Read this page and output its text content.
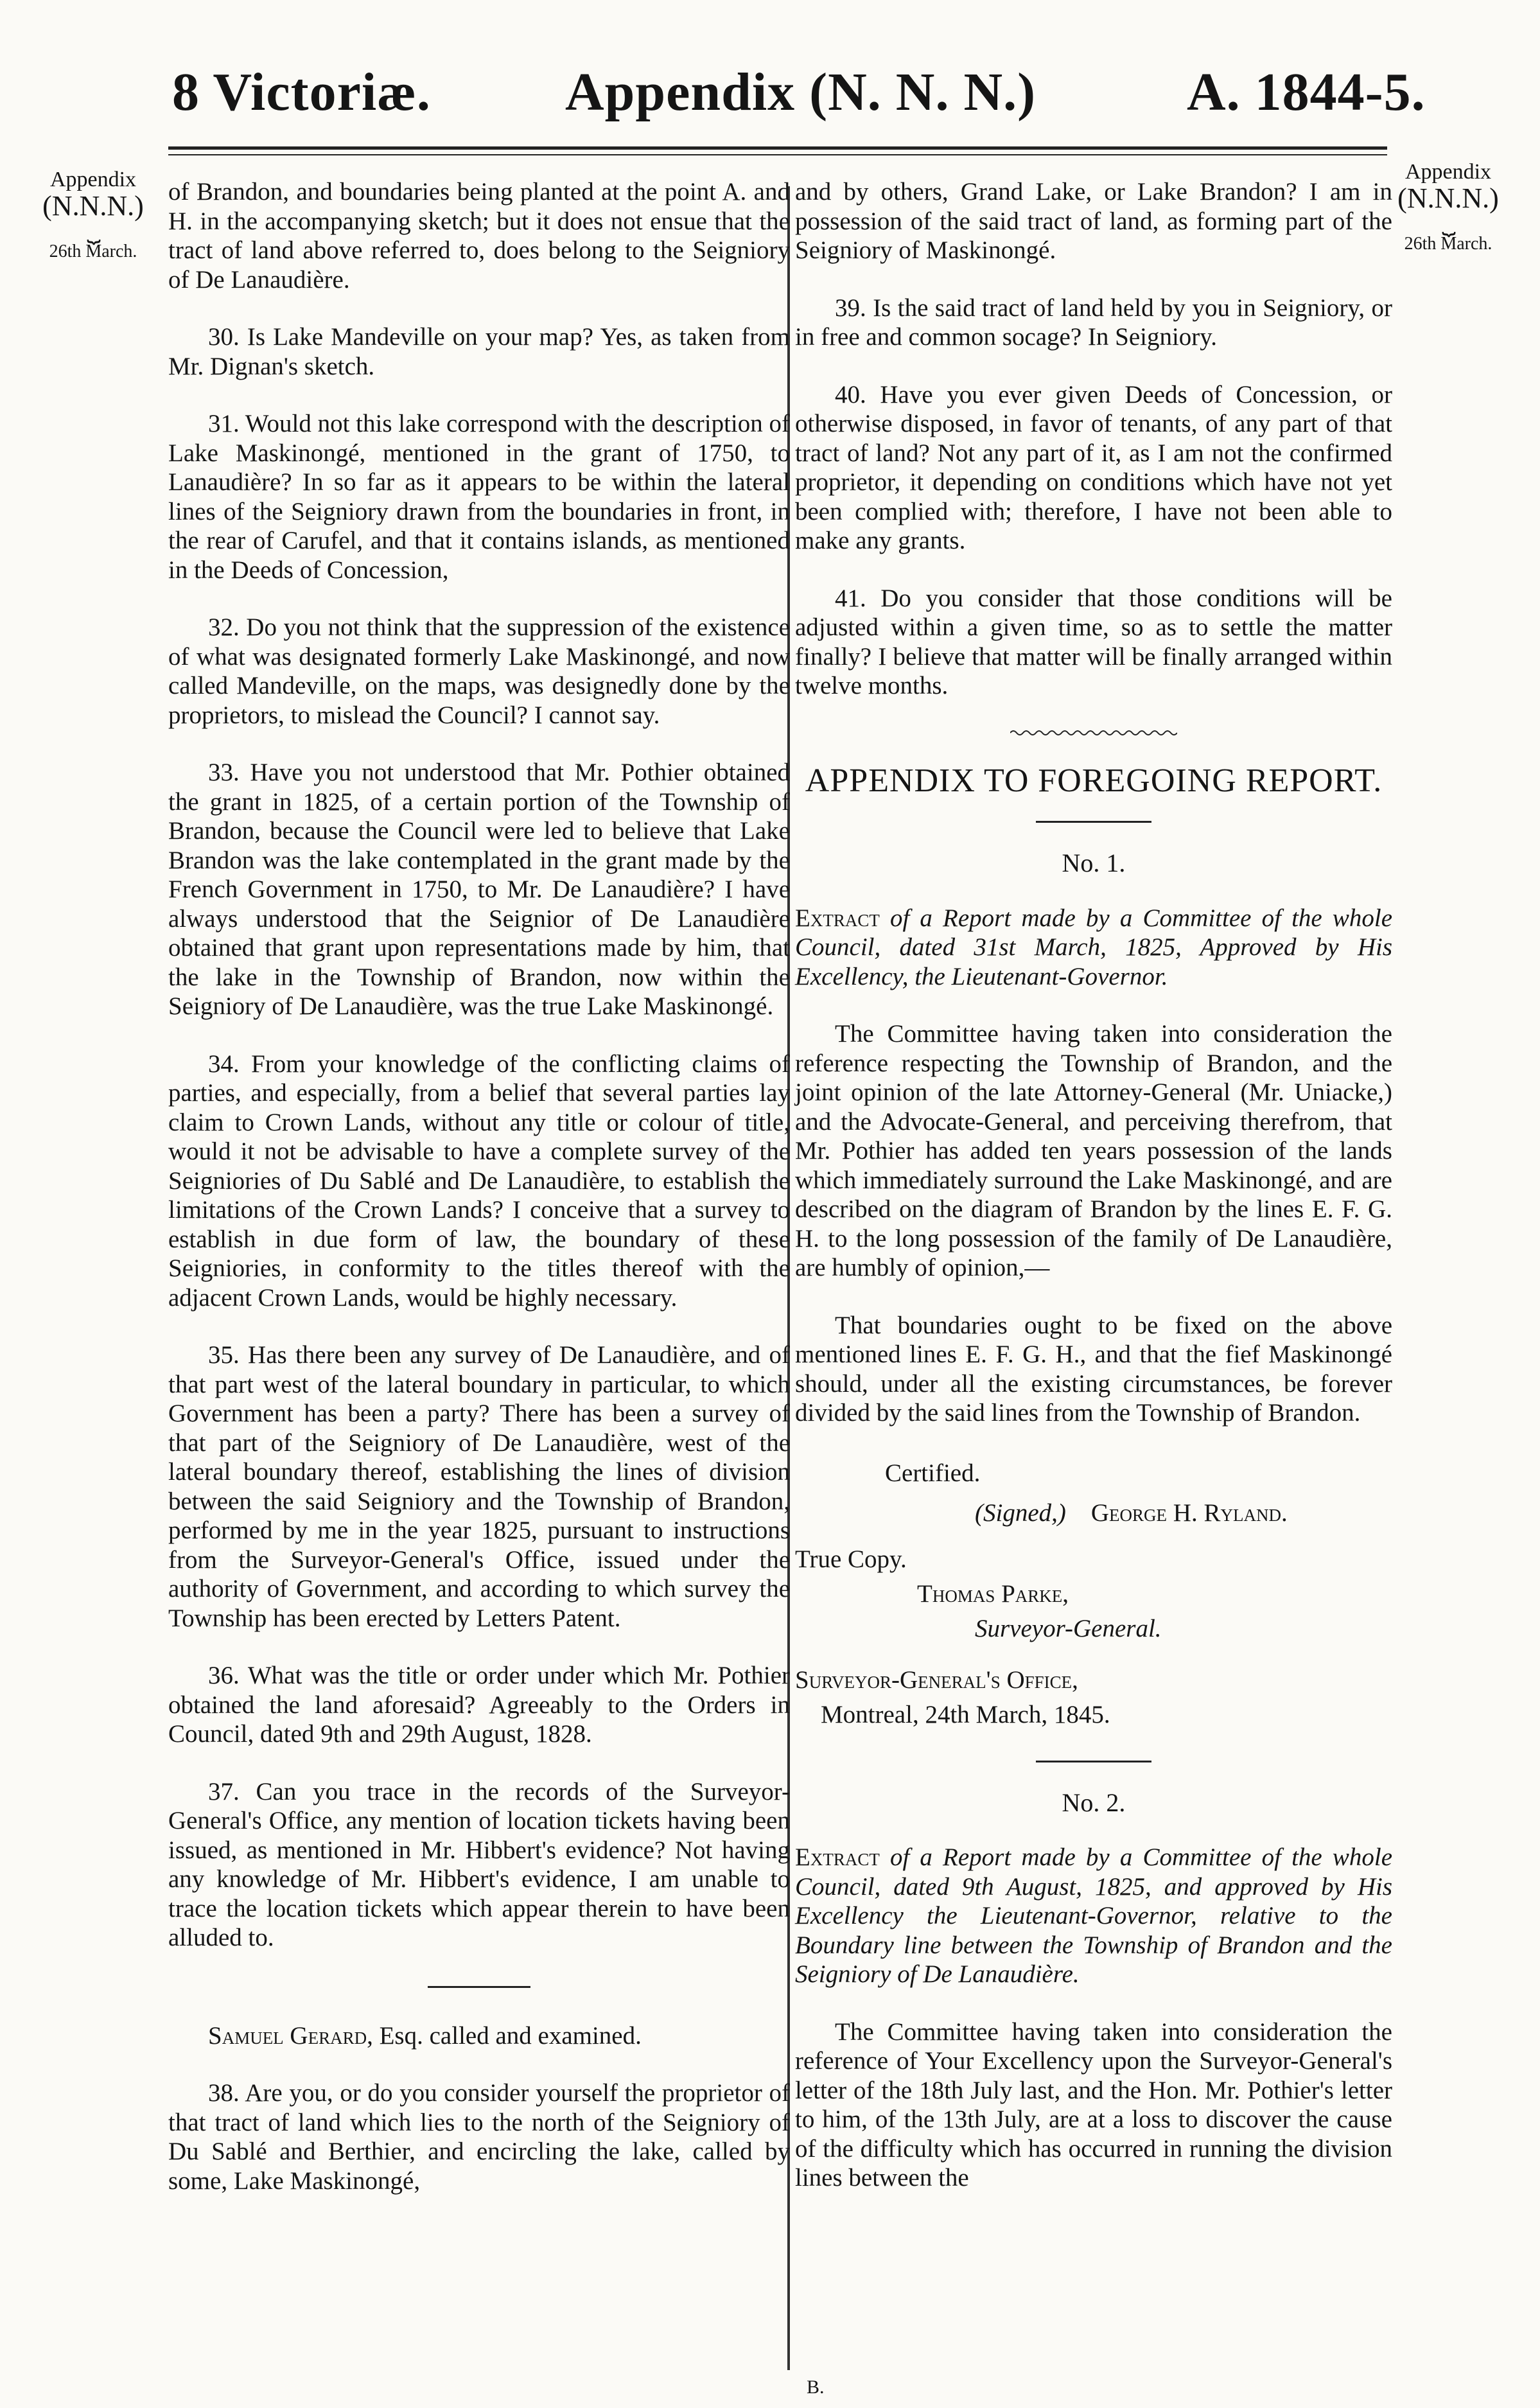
8 Victoriæ. Appendix (N. N. N.)	A. 1844-5.
Appendix
(N.N.N.)
⏟
26th March.
Appendix
(N.N.N.)
⏟
26th March.

of Brandon, and boundaries being planted at the point A. and H. in the accompanying sketch; but it does not ensue that the tract of land above referred to, does belong to the Seigniory of De Lanaudière.

30. Is Lake Mandeville on your map? Yes, as taken from Mr. Dignan's sketch.

31. Would not this lake correspond with the description of Lake Maskinongé, mentioned in the grant of 1750, to Lanaudière? In so far as it appears to be within the lateral lines of the Seigniory drawn from the boundaries in front, in the rear of Carufel, and that it contains islands, as mentioned in the Deeds of Concession,

32. Do you not think that the suppression of the existence of what was designated formerly Lake Maskinongé, and now called Mandeville, on the maps, was designedly done by the proprietors, to mislead the Council? I cannot say.

33. Have you not understood that Mr. Pothier obtained the grant in 1825, of a certain portion of the Township of Brandon, because the Council were led to believe that Lake Brandon was the lake contemplated in the grant made by the French Government in 1750, to Mr. De Lanaudière? I have always understood that the Seignior of De Lanaudière obtained that grant upon representations made by him, that the lake in the Township of Brandon, now within the Seigniory of De Lanaudière, was the true Lake Maskinongé.

34. From your knowledge of the conflicting claims of parties, and especially, from a belief that several parties lay claim to Crown Lands, without any title or colour of title, would it not be advisable to have a complete survey of the Seigniories of Du Sablé and De Lanaudière, to establish the limitations of the Crown Lands? I conceive that a survey to establish in due form of law, the boundary of these Seigniories, in conformity to the titles thereof with the adjacent Crown Lands, would be highly necessary.

35. Has there been any survey of De Lanaudière, and of that part west of the lateral boundary in particular, to which Government has been a party? There has been a survey of that part of the Seigniory of De Lanaudière, west of the lateral boundary thereof, establishing the lines of division between the said Seigniory and the Township of Brandon, performed by me in the year 1825, pursuant to instructions from the Surveyor-General's Office, issued under the authority of Government, and according to which survey the Township has been erected by Letters Patent.

36. What was the title or order under which Mr. Pothier obtained the land aforesaid? Agreeably to the Orders in Council, dated 9th and 29th August, 1828.

37. Can you trace in the records of the Surveyor-General's Office, any mention of location tickets having been issued, as mentioned in Mr. Hibbert's evidence? Not having any knowledge of Mr. Hibbert's evidence, I am unable to trace the location tickets which appear therein to have been alluded to.

Samuel Gerard, Esq. called and examined.

38. Are you, or do you consider yourself the proprietor of that tract of land which lies to the north of the Seigniory of Du Sablé and Berthier, and encircling the lake, called by some, Lake Maskinongé,

and by others, Grand Lake, or Lake Brandon? I am in possession of the said tract of land, as forming part of the Seigniory of Maskinongé.

39. Is the said tract of land held by you in Seigniory, or in free and common socage? In Seigniory.

40. Have you ever given Deeds of Concession, or otherwise disposed, in favor of tenants, of any part of that tract of land? Not any part of it, as I am not the confirmed proprietor, it depending on conditions which have not yet been complied with; therefore, I have not been able to make any grants.

41. Do you consider that those conditions will be adjusted within a given time, so as to settle the matter finally? I believe that matter will be finally arranged within twelve months.

APPENDIX TO FOREGOING REPORT.
No. 1.

Extract of a Report made by a Committee of the whole Council, dated 31st March, 1825, Approved by His Excellency, the Lieutenant-Governor.

The Committee having taken into consideration the reference respecting the Township of Brandon, and the joint opinion of the late Attorney-General (Mr. Uniacke,) and the Advocate-General, and perceiving therefrom, that Mr. Pothier has added ten years possession of the lands which immediately surround the Lake Maskinongé, and are described on the diagram of Brandon by the lines E. F. G. H. to the long possession of the family of De Lanaudière, are humbly of opinion,—

That boundaries ought to be fixed on the above mentioned lines E. F. G. H., and that the fief Maskinongé should, under all the existing circumstances, be forever divided by the said lines from the Township of Brandon.

Certified.
(Signed,) George H. Ryland.
True Copy.
Thomas Parke,
Surveyor-General.
Surveyor-General's Office,
Montreal, 24th March, 1845.
No. 2.

Extract of a Report made by a Committee of the whole Council, dated 9th August, 1825, and approved by His Excellency the Lieutenant-Governor, relative to the Boundary line between the Township of Brandon and the Seigniory of De Lanaudière.

The Committee having taken into consideration the reference of Your Excellency upon the Surveyor-General's letter of the 18th July last, and the Hon. Mr. Pothier's letter to him, of the 13th July, are at a loss to discover the cause of the difficulty which has occurred in running the division lines between the

B.
